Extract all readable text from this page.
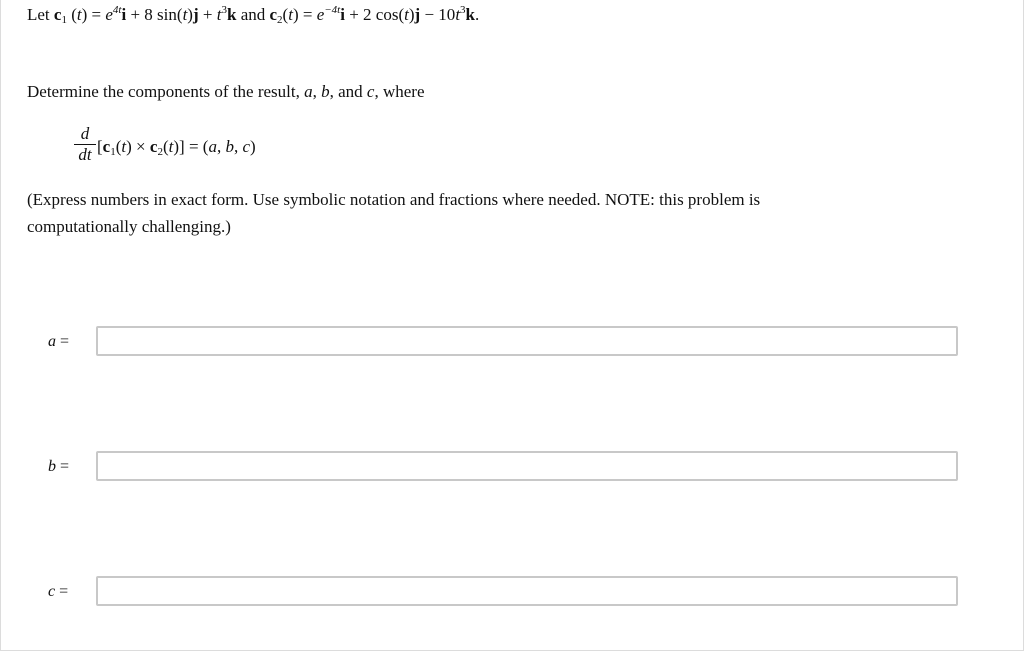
Let $c_1$ $(t) = e^{4t}i + 8$ $\sin(t)j + t^3k$ and $c_2(t) = e^{-4t}i + 2$ $\cos(t)j - 10t^3k$.
Determine the components of the result, a, b, and c, where
d
dt $[c_1(t) \times c_2(t)] = (a$, b, c)
(Express numbers in exact form. Use symbolic notation and fractions where needed. NOTE: this problem is
computationally challenging.)
a =
b =
c =
